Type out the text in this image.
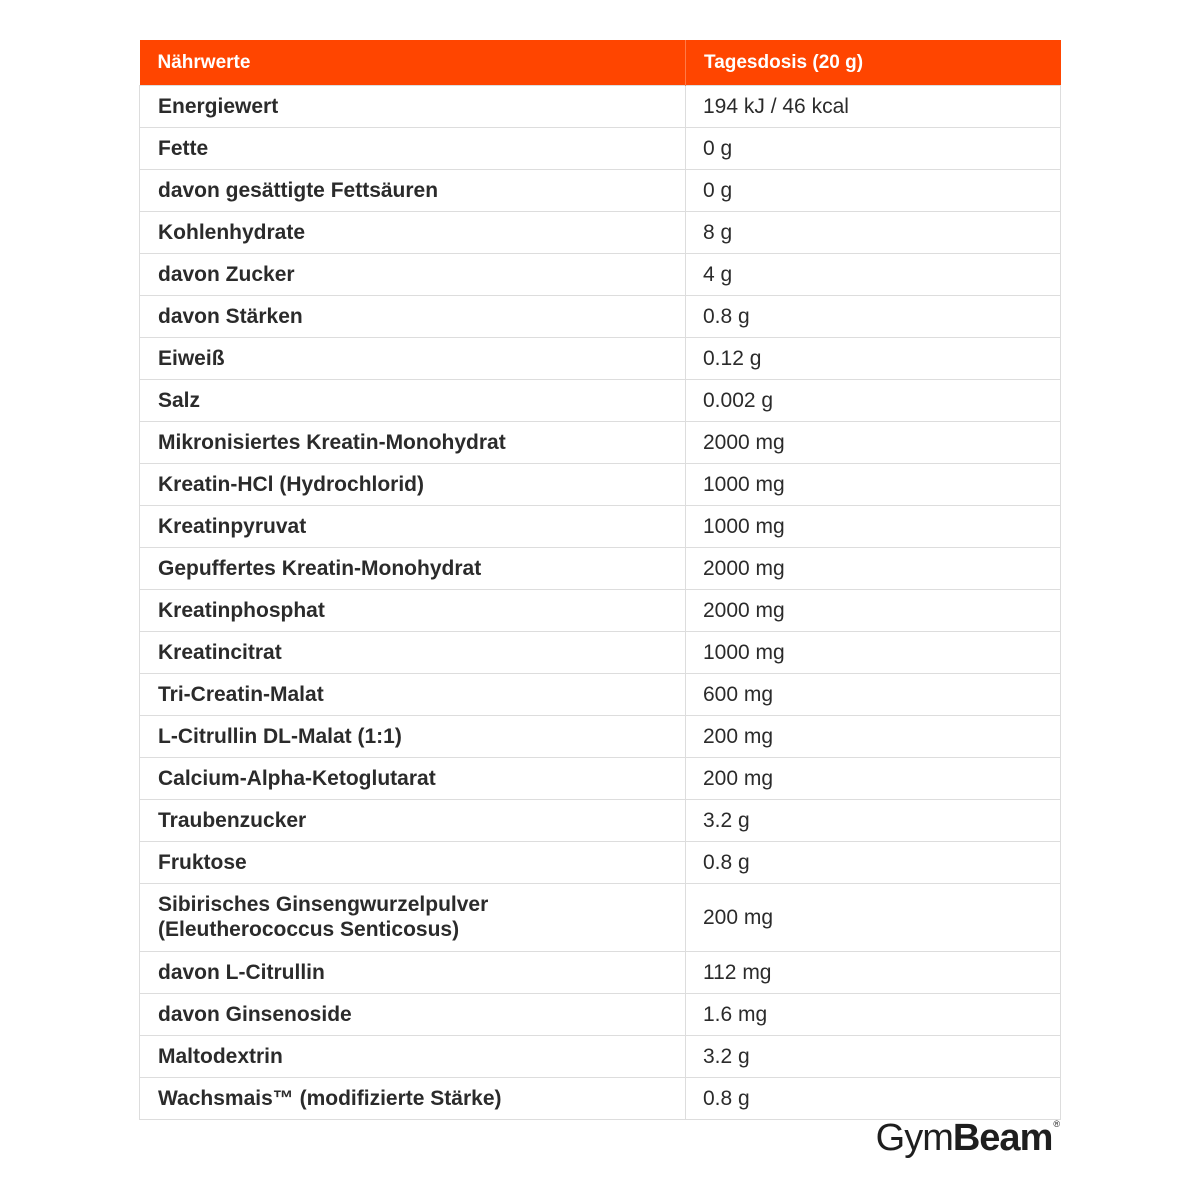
Nährwerte	Tagesdosis (20 g)
Energiewert	194 kJ / 46 kcal
Fette	0 g
davon gesättigte Fettsäuren	0 g
Kohlenhydrate	8 g
davon Zucker	4 g
davon Stärken	0.8 g
Eiweiß	0.12 g
Salz	0.002 g
Mikronisiertes Kreatin-Monohydrat	2000 mg
Kreatin-HCl (Hydrochlorid)	1000 mg
Kreatinpyruvat	1000 mg
Gepuffertes Kreatin-Monohydrat	2000 mg
Kreatinphosphat	2000 mg
Kreatincitrat	1000 mg
Tri-Creatin-Malat	600 mg
L-Citrullin DL-Malat (1:1)	200 mg
Calcium-Alpha-Ketoglutarat	200 mg
Traubenzucker	3.2 g
Fruktose	0.8 g
Sibirisches Ginsengwurzelpulver
(Eleutherococcus Senticosus)	200 mg
davon L-Citrullin	112 mg
davon Ginsenoside	1.6 mg
Maltodextrin	3.2 g
Wachsmais™ (modifizierte Stärke)	0.8 g
Gym Beam ®
